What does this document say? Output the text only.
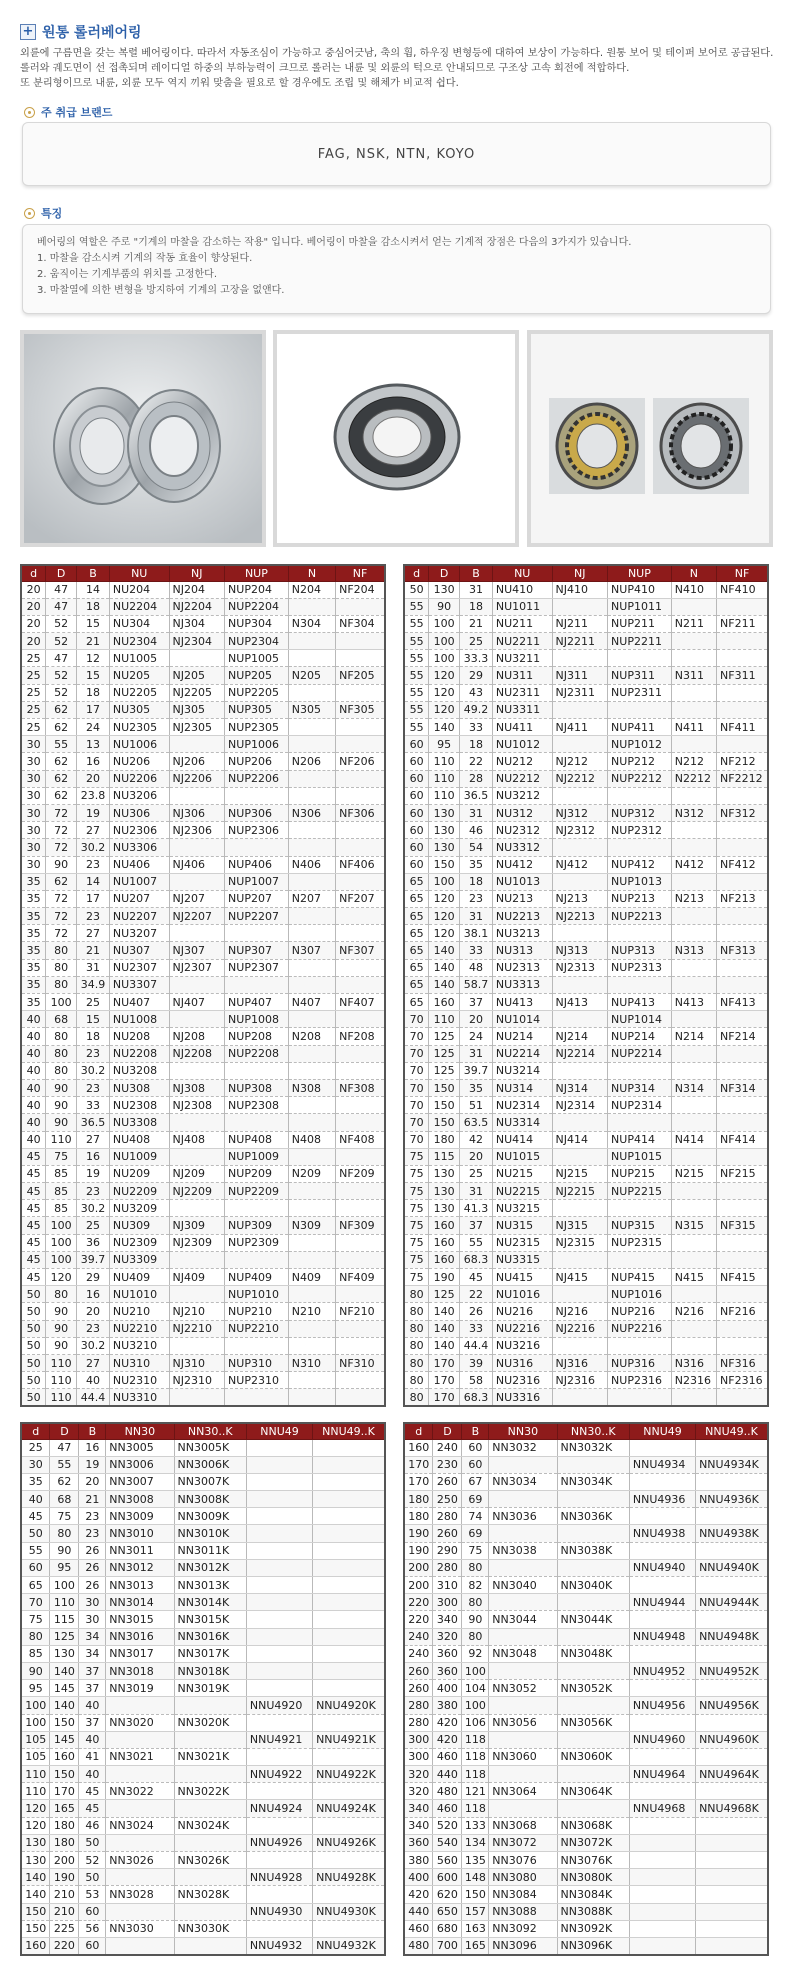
+ 원통 롤러베어링
외륜에 구름면을 갖는 복렬 베어링이다. 따라서 자동조심이 가능하고 중심어긋남, 축의 휨, 하우징 변형등에 대하여 보상이 가능하다. 원통 보어 및 테이퍼 보어로 공급된다.
롤러와 궤도면이 선 접촉되며 레이디얼 하중의 부하능력이 크므로 롤러는 내륜 및 외륜의 턱으로 안내되므로 구조상 고속 회전에 적합하다.
또 분리형이므로 내륜, 외륜 모두 역지 끼워 맞춤을 필요로 할 경우에도 조립 및 해체가 비교적 쉽다.
주 취급 브랜드
FAG, NSK, NTN, KOYO
특징
베어링의 역할은 주로 "기계의 마찰을 감소하는 작용" 입니다. 베어링이 마찰을 감소시켜서 얻는 기계적 장점은 다음의 3가지가 있습니다.
1. 마찰을 감소시켜 기계의 작동 효율이 향상된다.
2. 움직이는 기계부품의 위치를 고정한다.
3. 마찰열에 의한 변형을 방지하여 기계의 고장을 없앤다.
d	D	B	NU	NJ	NUP	N	NF
20	47	14	NU204	NJ204	NUP204	N204	NF204
20	47	18	NU2204	NJ2204	NUP2204		
20	52	15	NU304	NJ304	NUP304	N304	NF304
20	52	21	NU2304	NJ2304	NUP2304		
25	47	12	NU1005		NUP1005		
25	52	15	NU205	NJ205	NUP205	N205	NF205
25	52	18	NU2205	NJ2205	NUP2205		
25	62	17	NU305	NJ305	NUP305	N305	NF305
25	62	24	NU2305	NJ2305	NUP2305		
30	55	13	NU1006		NUP1006		
30	62	16	NU206	NJ206	NUP206	N206	NF206
30	62	20	NU2206	NJ2206	NUP2206		
30	62	23.8	NU3206				
30	72	19	NU306	NJ306	NUP306	N306	NF306
30	72	27	NU2306	NJ2306	NUP2306		
30	72	30.2	NU3306				
30	90	23	NU406	NJ406	NUP406	N406	NF406
35	62	14	NU1007		NUP1007		
35	72	17	NU207	NJ207	NUP207	N207	NF207
35	72	23	NU2207	NJ2207	NUP2207		
35	72	27	NU3207				
35	80	21	NU307	NJ307	NUP307	N307	NF307
35	80	31	NU2307	NJ2307	NUP2307		
35	80	34.9	NU3307				
35	100	25	NU407	NJ407	NUP407	N407	NF407
40	68	15	NU1008		NUP1008		
40	80	18	NU208	NJ208	NUP208	N208	NF208
40	80	23	NU2208	NJ2208	NUP2208		
40	80	30.2	NU3208				
40	90	23	NU308	NJ308	NUP308	N308	NF308
40	90	33	NU2308	NJ2308	NUP2308		
40	90	36.5	NU3308				
40	110	27	NU408	NJ408	NUP408	N408	NF408
45	75	16	NU1009		NUP1009		
45	85	19	NU209	NJ209	NUP209	N209	NF209
45	85	23	NU2209	NJ2209	NUP2209		
45	85	30.2	NU3209				
45	100	25	NU309	NJ309	NUP309	N309	NF309
45	100	36	NU2309	NJ2309	NUP2309		
45	100	39.7	NU3309				
45	120	29	NU409	NJ409	NUP409	N409	NF409
50	80	16	NU1010		NUP1010		
50	90	20	NU210	NJ210	NUP210	N210	NF210
50	90	23	NU2210	NJ2210	NUP2210		
50	90	30.2	NU3210				
50	110	27	NU310	NJ310	NUP310	N310	NF310
50	110	40	NU2310	NJ2310	NUP2310		
50	110	44.4	NU3310				
d	D	B	NU	NJ	NUP	N	NF
50	130	31	NU410	NJ410	NUP410	N410	NF410
55	90	18	NU1011		NUP1011		
55	100	21	NU211	NJ211	NUP211	N211	NF211
55	100	25	NU2211	NJ2211	NUP2211		
55	100	33.3	NU3211				
55	120	29	NU311	NJ311	NUP311	N311	NF311
55	120	43	NU2311	NJ2311	NUP2311		
55	120	49.2	NU3311				
55	140	33	NU411	NJ411	NUP411	N411	NF411
60	95	18	NU1012		NUP1012		
60	110	22	NU212	NJ212	NUP212	N212	NF212
60	110	28	NU2212	NJ2212	NUP2212	N2212	NF2212
60	110	36.5	NU3212				
60	130	31	NU312	NJ312	NUP312	N312	NF312
60	130	46	NU2312	NJ2312	NUP2312		
60	130	54	NU3312				
60	150	35	NU412	NJ412	NUP412	N412	NF412
65	100	18	NU1013		NUP1013		
65	120	23	NU213	NJ213	NUP213	N213	NF213
65	120	31	NU2213	NJ2213	NUP2213		
65	120	38.1	NU3213				
65	140	33	NU313	NJ313	NUP313	N313	NF313
65	140	48	NU2313	NJ2313	NUP2313		
65	140	58.7	NU3313				
65	160	37	NU413	NJ413	NUP413	N413	NF413
70	110	20	NU1014		NUP1014		
70	125	24	NU214	NJ214	NUP214	N214	NF214
70	125	31	NU2214	NJ2214	NUP2214		
70	125	39.7	NU3214				
70	150	35	NU314	NJ314	NUP314	N314	NF314
70	150	51	NU2314	NJ2314	NUP2314		
70	150	63.5	NU3314				
70	180	42	NU414	NJ414	NUP414	N414	NF414
75	115	20	NU1015		NUP1015		
75	130	25	NU215	NJ215	NUP215	N215	NF215
75	130	31	NU2215	NJ2215	NUP2215		
75	130	41.3	NU3215				
75	160	37	NU315	NJ315	NUP315	N315	NF315
75	160	55	NU2315	NJ2315	NUP2315		
75	160	68.3	NU3315				
75	190	45	NU415	NJ415	NUP415	N415	NF415
80	125	22	NU1016		NUP1016		
80	140	26	NU216	NJ216	NUP216	N216	NF216
80	140	33	NU2216	NJ2216	NUP2216		
80	140	44.4	NU3216				
80	170	39	NU316	NJ316	NUP316	N316	NF316
80	170	58	NU2316	NJ2316	NUP2316	N2316	NF2316
80	170	68.3	NU3316				
d	D	B	NN30	NN30..K	NNU49	NNU49..K
25	47	16	NN3005	NN3005K		
30	55	19	NN3006	NN3006K		
35	62	20	NN3007	NN3007K		
40	68	21	NN3008	NN3008K		
45	75	23	NN3009	NN3009K		
50	80	23	NN3010	NN3010K		
55	90	26	NN3011	NN3011K		
60	95	26	NN3012	NN3012K		
65	100	26	NN3013	NN3013K		
70	110	30	NN3014	NN3014K		
75	115	30	NN3015	NN3015K		
80	125	34	NN3016	NN3016K		
85	130	34	NN3017	NN3017K		
90	140	37	NN3018	NN3018K		
95	145	37	NN3019	NN3019K		
100	140	40			NNU4920	NNU4920K
100	150	37	NN3020	NN3020K		
105	145	40			NNU4921	NNU4921K
105	160	41	NN3021	NN3021K		
110	150	40			NNU4922	NNU4922K
110	170	45	NN3022	NN3022K		
120	165	45			NNU4924	NNU4924K
120	180	46	NN3024	NN3024K		
130	180	50			NNU4926	NNU4926K
130	200	52	NN3026	NN3026K		
140	190	50			NNU4928	NNU4928K
140	210	53	NN3028	NN3028K		
150	210	60			NNU4930	NNU4930K
150	225	56	NN3030	NN3030K		
160	220	60			NNU4932	NNU4932K
d	D	B	NN30	NN30..K	NNU49	NNU49..K
160	240	60	NN3032	NN3032K		
170	230	60			NNU4934	NNU4934K
170	260	67	NN3034	NN3034K		
180	250	69			NNU4936	NNU4936K
180	280	74	NN3036	NN3036K		
190	260	69			NNU4938	NNU4938K
190	290	75	NN3038	NN3038K		
200	280	80			NNU4940	NNU4940K
200	310	82	NN3040	NN3040K		
220	300	80			NNU4944	NNU4944K
220	340	90	NN3044	NN3044K		
240	320	80			NNU4948	NNU4948K
240	360	92	NN3048	NN3048K		
260	360	100			NNU4952	NNU4952K
260	400	104	NN3052	NN3052K		
280	380	100			NNU4956	NNU4956K
280	420	106	NN3056	NN3056K		
300	420	118			NNU4960	NNU4960K
300	460	118	NN3060	NN3060K		
320	440	118			NNU4964	NNU4964K
320	480	121	NN3064	NN3064K		
340	460	118			NNU4968	NNU4968K
340	520	133	NN3068	NN3068K		
360	540	134	NN3072	NN3072K		
380	560	135	NN3076	NN3076K		
400	600	148	NN3080	NN3080K		
420	620	150	NN3084	NN3084K		
440	650	157	NN3088	NN3088K		
460	680	163	NN3092	NN3092K		
480	700	165	NN3096	NN3096K		
